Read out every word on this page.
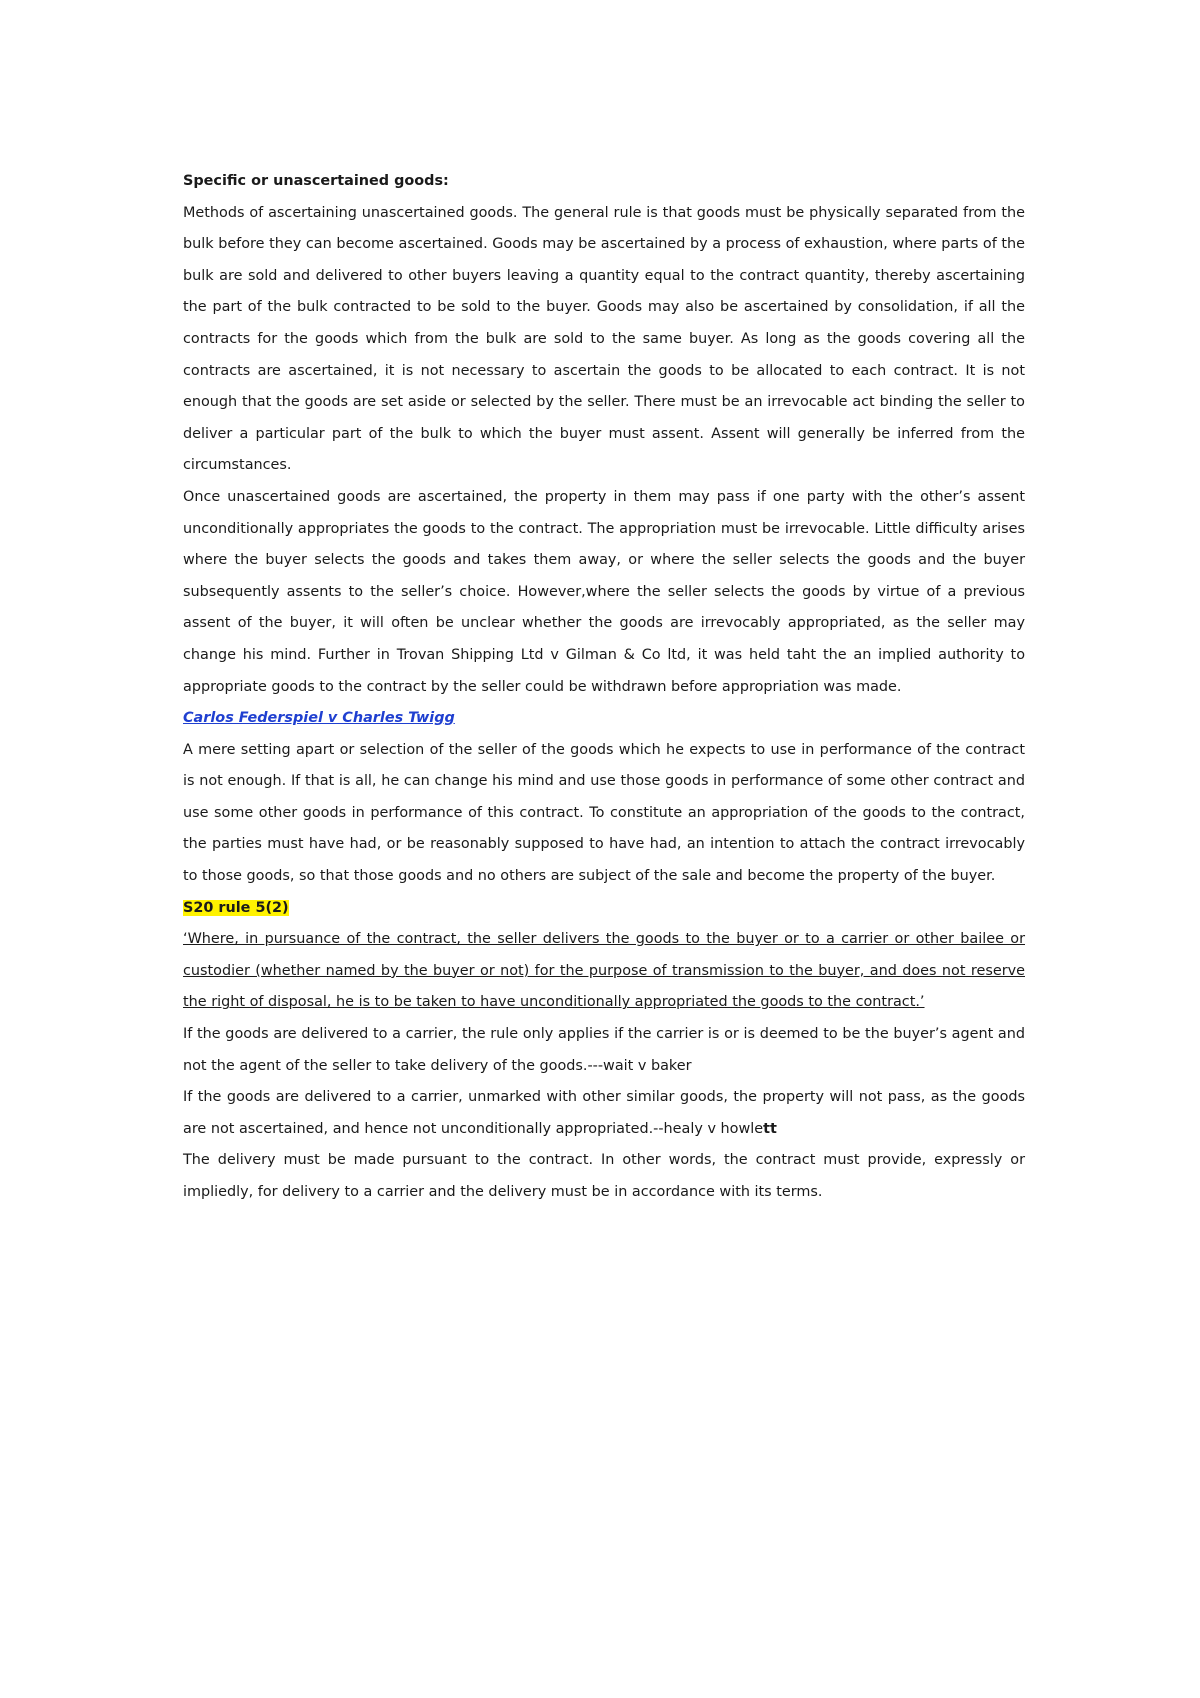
Specific or unascertained goods:

Methods of ascertaining unascertained goods. The general rule is that goods must be physically separated from the bulk before they can become ascertained. Goods may be ascertained by a process of exhaustion, where parts of the bulk are sold and delivered to other buyers leaving a quantity equal to the contract quantity, thereby ascertaining the part of the bulk contracted to be sold to the buyer. Goods may also be ascertained by consolidation, if all the contracts for the goods which from the bulk are sold to the same buyer. As long as the goods covering all the contracts are ascertained, it is not necessary to ascertain the goods to be allocated to each contract. It is not enough that the goods are set aside or selected by the seller. There must be an irrevocable act binding the seller to deliver a particular part of the bulk to which the buyer must assent. Assent will generally be inferred from the circumstances.

Once unascertained goods are ascertained, the property in them may pass if one party with the other’s assent unconditionally appropriates the goods to the contract. The appropriation must be irrevocable. Little difficulty arises where the buyer selects the goods and takes them away, or where the seller selects the goods and the buyer subsequently assents to the seller’s choice. However,where the seller selects the goods by virtue of a previous assent of the buyer, it will often be unclear whether the goods are irrevocably appropriated, as the seller may change his mind. Further in Trovan Shipping Ltd v Gilman & Co ltd, it was held taht the an implied authority to appropriate goods to the contract by the seller could be withdrawn before appropriation was made.

Carlos Federspiel v Charles Twigg

A mere setting apart or selection of the seller of the goods which he expects to use in performance of the contract is not enough. If that is all, he can change his mind and use those goods in performance of some other contract and use some other goods in performance of this contract. To constitute an appropriation of the goods to the contract, the parties must have had, or be reasonably supposed to have had, an intention to attach the contract irrevocably to those goods, so that those goods and no others are subject of the sale and become the property of the buyer.

S20 rule 5(2)

‘Where, in pursuance of the contract, the seller delivers the goods to the buyer or to a carrier or other bailee or custodier (whether named by the buyer or not) for the purpose of transmission to the buyer, and does not reserve the right of disposal, he is to be taken to have unconditionally appropriated the goods to the contract.’

If the goods are delivered to a carrier, the rule only applies if the carrier is or is deemed to be the buyer’s agent and not the agent of the seller to take delivery of the goods.---wait v baker

If the goods are delivered to a carrier, unmarked with other similar goods, the property will not pass, as the goods are not ascertained, and hence not unconditionally appropriated.--healy v howlett

The delivery must be made pursuant to the contract. In other words, the contract must provide, expressly or impliedly, for delivery to a carrier and the delivery must be in accordance with its terms.
